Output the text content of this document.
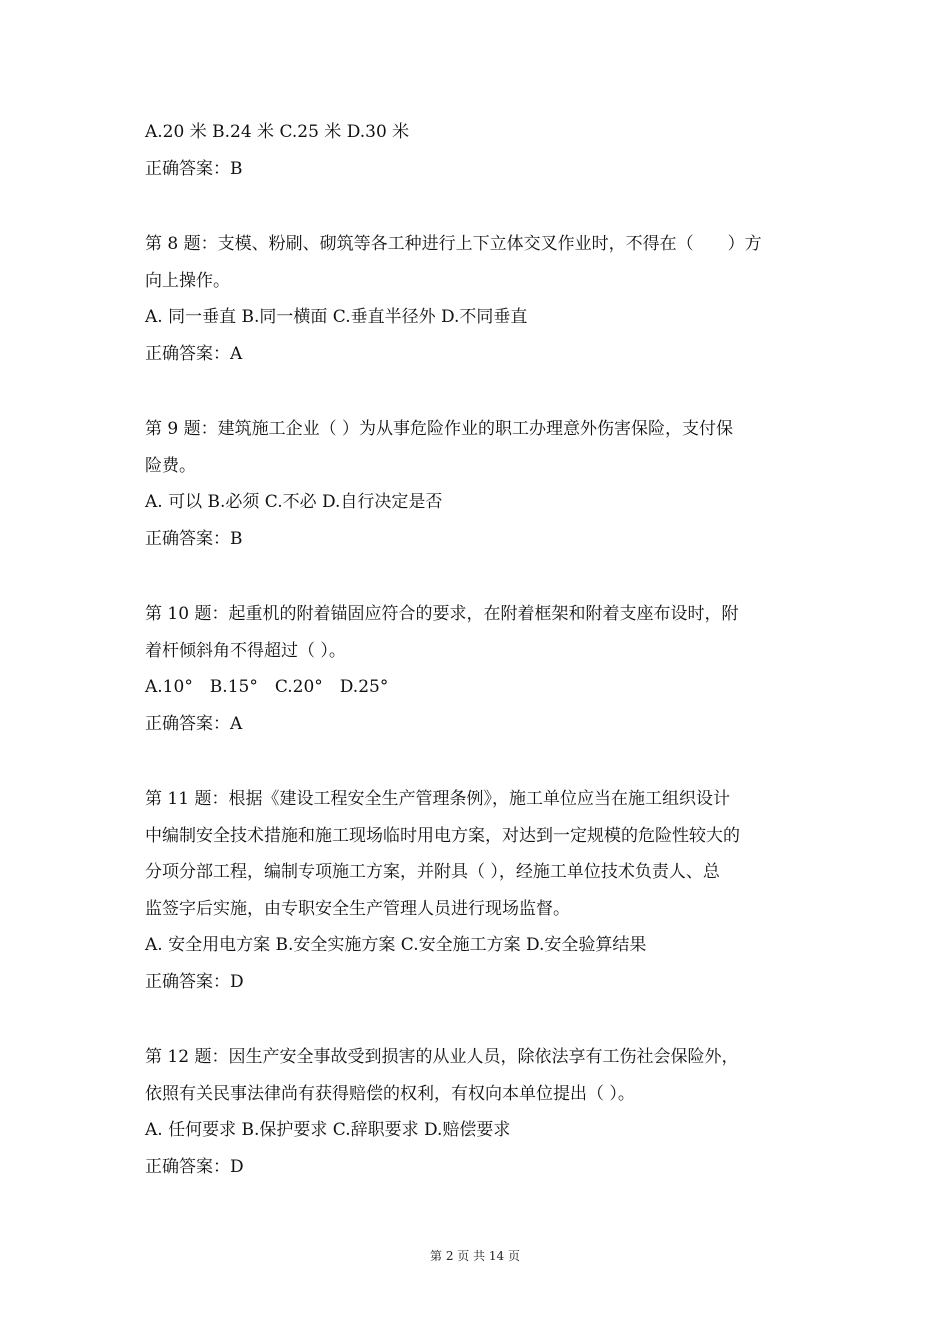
A.20 米 B.24 米 C.25 米 D.30 米
正确答案：B
第 8 题：支模、粉刷、砌筑等各工种进行上下立体交叉作业时，不得在（　　）方
向上操作。
A. 同一垂直 B.同一横面 C.垂直半径外 D.不同垂直
正确答案：A
第 9 题：建筑施工企业（ ）为从事危险作业的职工办理意外伤害保险，支付保
险费。
A. 可以 B.必须 C.不必 D.自行决定是否
正确答案：B
第 10 题：起重机的附着锚固应符合的要求，在附着框架和附着支座布设时，附
着杆倾斜角不得超过（ ）。
A.10°　B.15°　C.20°　D.25°
正确答案：A
第 11 题：根据《建设工程安全生产管理条例》，施工单位应当在施工组织设计
中编制安全技术措施和施工现场临时用电方案，对达到一定规模的危险性较大的
分项分部工程，编制专项施工方案，并附具（ ），经施工单位技术负责人、总
监签字后实施，由专职安全生产管理人员进行现场监督。
A. 安全用电方案 B.安全实施方案 C.安全施工方案 D.安全验算结果
正确答案：D
第 12 题：因生产安全事故受到损害的从业人员，除依法享有工伤社会保险外，
依照有关民事法律尚有获得赔偿的权利，有权向本单位提出（ ）。
A. 任何要求 B.保护要求 C.辞职要求 D.赔偿要求
正确答案：D
第 2 页 共 14 页
